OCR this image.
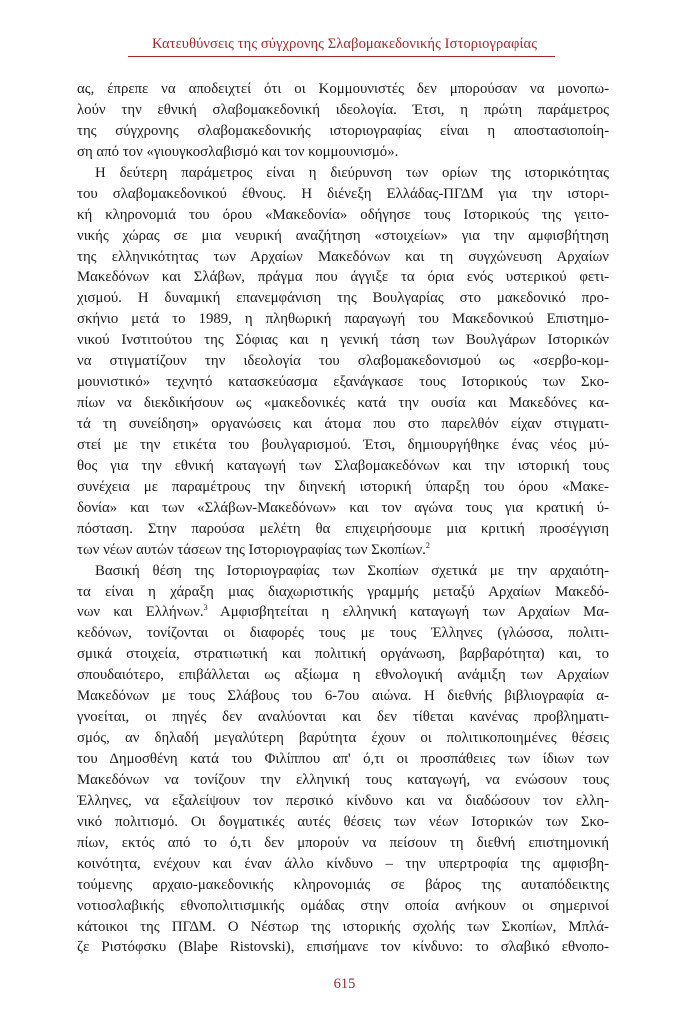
Κατευθύνσεις της σύγχρονης Σλαβομακεδονικής Ιστοριογραφίας
ας, έπρεπε να αποδειχτεί ότι οι Κομμουνιστές δεν μπορούσαν να μονοπω-
λούν την εθνική σλαβομακεδονική ιδεολογία. Έτσι, η πρώτη παράμετρος
της σύγχρονης σλαβομακεδονικής ιστοριογραφίας είναι η αποστασιοποίη-
ση από τον «γιουγκοσλαβισμό και τον κομμουνισμό».
Η δεύτερη παράμετρος είναι η διεύρυνση των ορίων της ιστορικότητας
του σλαβομακεδονικού έθνους. Η διένεξη Ελλάδας-ΠΓΔΜ για την ιστορι-
κή κληρονομιά του όρου «Μακεδονία» οδήγησε τους Ιστορικούς της γειτο-
νικής χώρας σε μια νευρική αναζήτηση «στοιχείων» για την αμφισβήτηση
της ελληνικότητας των Αρχαίων Μακεδόνων και τη συγχώνευση Αρχαίων
Μακεδόνων και Σλάβων, πράγμα που άγγιξε τα όρια ενός υστερικού φετι-
χισμού. Η δυναμική επανεμφάνιση της Βουλγαρίας στο μακεδονικό προ-
σκήνιο μετά το 1989, η πληθωρική παραγωγή του Μακεδονικού Επιστημο-
νικού Ινστιτούτου της Σόφιας και η γενική τάση των Βουλγάρων Ιστορικών
να στιγματίζουν την ιδεολογία του σλαβομακεδονισμού ως «σερβο-κομ-
μουνιστικό» τεχνητό κατασκεύασμα εξανάγκασε τους Ιστορικούς των Σκο-
πίων να διεκδικήσουν ως «μακεδονικές κατά την ουσία και Μακεδόνες κα-
τά τη συνείδηση» οργανώσεις και άτομα που στο παρελθόν είχαν στιγματι-
στεί με την ετικέτα του βουλγαρισμού. Έτσι, δημιουργήθηκε ένας νέος μύ-
θος για την εθνική καταγωγή των Σλαβομακεδόνων και την ιστορική τους
συνέχεια με παραμέτρους την διηνεκή ιστορική ύπαρξη του όρου «Μακε-
δονία» και των «Σλάβων-Μακεδόνων» και τον αγώνα τους για κρατική ύ-
πόσταση. Στην παρούσα μελέτη θα επιχειρήσουμε μια κριτική προσέγγιση
των νέων αυτών τάσεων της Ιστοριογραφίας των Σκοπίων.$^2$
Βασική θέση της Ιστοριογραφίας των Σκοπίων σχετικά με την αρχαιότη-
τα είναι η χάραξη μιας διαχωριστικής γραμμής μεταξύ Αρχαίων Μακεδό-
νων και Ελλήνων.$^3$ Αμφισβητείται η ελληνική καταγωγή των Αρχαίων Μα-
κεδόνων, τονίζονται οι διαφορές τους με τους Έλληνες (γλώσσα, πολιτι-
σμικά στοιχεία, στρατιωτική και πολιτική οργάνωση, βαρβαρότητα) και, το
σπουδαιότερο, επιβάλλεται ως αξίωμα η εθνολογική ανάμιξη των Αρχαίων
Μακεδόνων με τους Σλάβους του 6-7ου αιώνα. Η διεθνής βιβλιογραφία α-
γνοείται, οι πηγές δεν αναλύονται και δεν τίθεται κανένας προβληματι-
σμός, αν δηλαδή μεγαλύτερη βαρύτητα έχουν οι πολιτικοποιημένες θέσεις
του Δημοσθένη κατά του Φιλίππου απ' ό,τι οι προσπάθειες των ίδιων των
Μακεδόνων να τονίζουν την ελληνική τους καταγωγή, να ενώσουν τους
Έλληνες, να εξαλείψουν τον περσικό κίνδυνο και να διαδώσουν τον ελλη-
νικό πολιτισμό. Οι δογματικές αυτές θέσεις των νέων Ιστορικών των Σκο-
πίων, εκτός από το ό,τι δεν μπορούν να πείσουν τη διεθνή επιστημονική
κοινότητα, ενέχουν και έναν άλλο κίνδυνο – την υπερτροφία της αμφισβη-
τούμενης αρχαιο-μακεδονικής κληρονομιάς σε βάρος της αυταπόδεικτης
νοτιοσλαβικής εθνοπολιτισμικής ομάδας στην οποία ανήκουν οι σημερινοί
κάτοικοι της ΠΓΔΜ. Ο Νέστωρ της ιστορικής σχολής των Σκοπίων, Μπλά-
ζε Ριστόφσκυ (Blaþe Ristovski), επισήμανε τον κίνδυνο: το σλαβικό εθνοπο-
615
